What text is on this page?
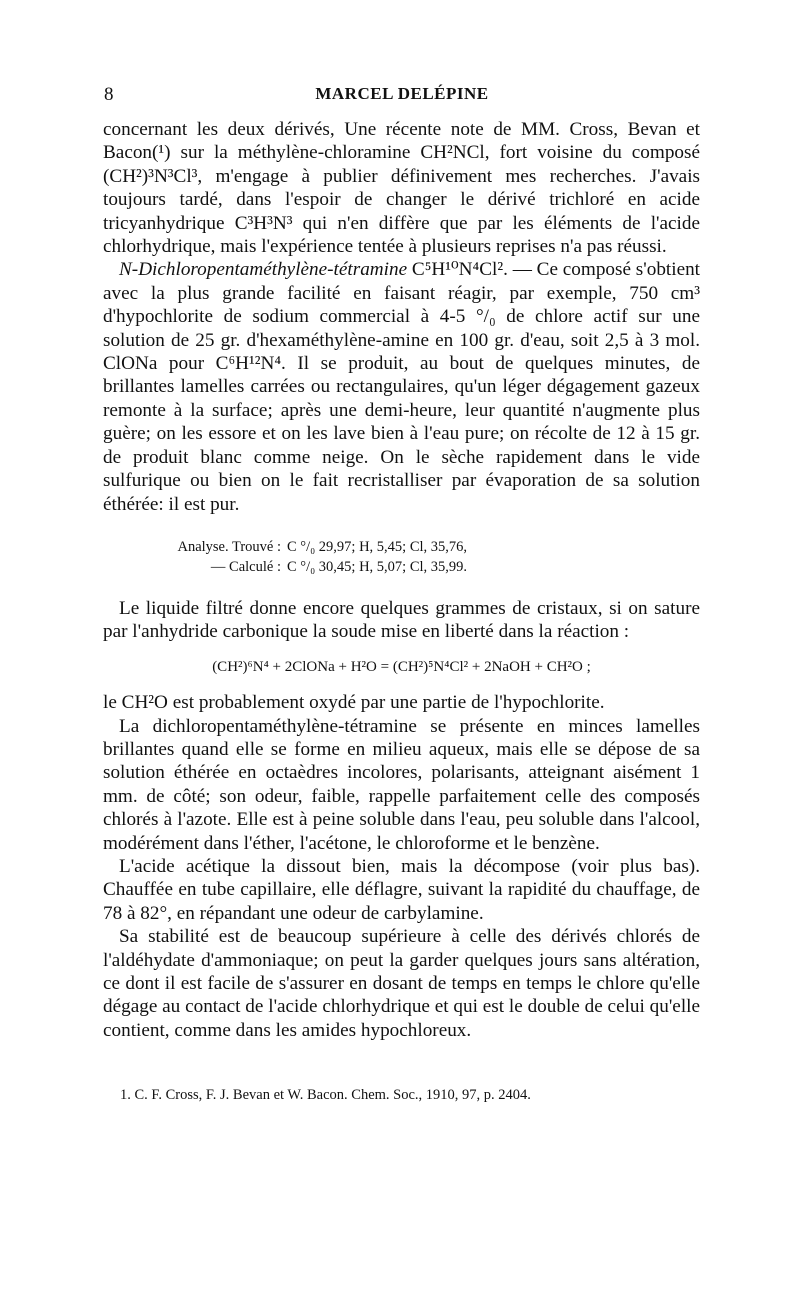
8	MARCEL DELÉPINE

concernant les deux dérivés, Une récente note de MM. Cross, Bevan et Bacon(¹) sur la méthylène-chloramine CH²NCl, fort voisine du composé (CH²)³N³Cl³, m'engage à publier définivement mes recherches. J'avais toujours tardé, dans l'espoir de changer le dérivé trichloré en acide tricyanhydrique C³H³N³ qui n'en diffère que par les éléments de l'acide chlorhydrique, mais l'expérience tentée à plusieurs reprises n'a pas réussi.

N-Dichloropentaméthylène-tétramine C⁵H¹⁰N⁴Cl². — Ce composé s'obtient avec la plus grande facilité en faisant réagir, par exemple, 750 cm³ d'hypochlorite de sodium commercial à 4-5 °/₀ de chlore actif sur une solution de 25 gr. d'hexaméthylène-amine en 100 gr. d'eau, soit 2,5 à 3 mol. ClONa pour C⁶H¹²N⁴. Il se produit, au bout de quelques minutes, de brillantes lamelles carrées ou rectangulaires, qu'un léger dégagement gazeux remonte à la surface; après une demi-heure, leur quantité n'augmente plus guère; on les essore et on les lave bien à l'eau pure; on récolte de 12 à 15 gr. de produit blanc comme neige. On le sèche rapidement dans le vide sulfurique ou bien on le fait recristalliser par évaporation de sa solution éthérée: il est pur.

Analyse. Trouvé : C °/₀ 29,97; H, 5,45; Cl, 35,76,
— Calculé : C °/₀ 30,45; H, 5,07; Cl, 35,99.

Le liquide filtré donne encore quelques grammes de cristaux, si on sature par l'anhydride carbonique la soude mise en liberté dans la réaction :

(CH²)⁶N⁴ + 2ClONa + H²O = (CH²)⁵N⁴Cl² + 2NaOH + CH²O ;

le CH²O est probablement oxydé par une partie de l'hypochlorite.

La dichloropentaméthylène-tétramine se présente en minces lamelles brillantes quand elle se forme en milieu aqueux, mais elle se dépose de sa solution éthérée en octaèdres incolores, polarisants, atteignant aisément 1 mm. de côté; son odeur, faible, rappelle parfaitement celle des composés chlorés à l'azote. Elle est à peine soluble dans l'eau, peu soluble dans l'alcool, modérément dans l'éther, l'acétone, le chloroforme et le benzène.

L'acide acétique la dissout bien, mais la décompose (voir plus bas). Chauffée en tube capillaire, elle déflagre, suivant la rapidité du chauffage, de 78 à 82°, en répandant une odeur de carbylamine.

Sa stabilité est de beaucoup supérieure à celle des dérivés chlorés de l'aldéhydate d'ammoniaque; on peut la garder quelques jours sans altération, ce dont il est facile de s'assurer en dosant de temps en temps le chlore qu'elle dégage au contact de l'acide chlorhydrique et qui est le double de celui qu'elle contient, comme dans les amides hypochloreux.

1. C. F. Cross, F. J. Bevan et W. Bacon. Chem. Soc., 1910, 97, p. 2404.
